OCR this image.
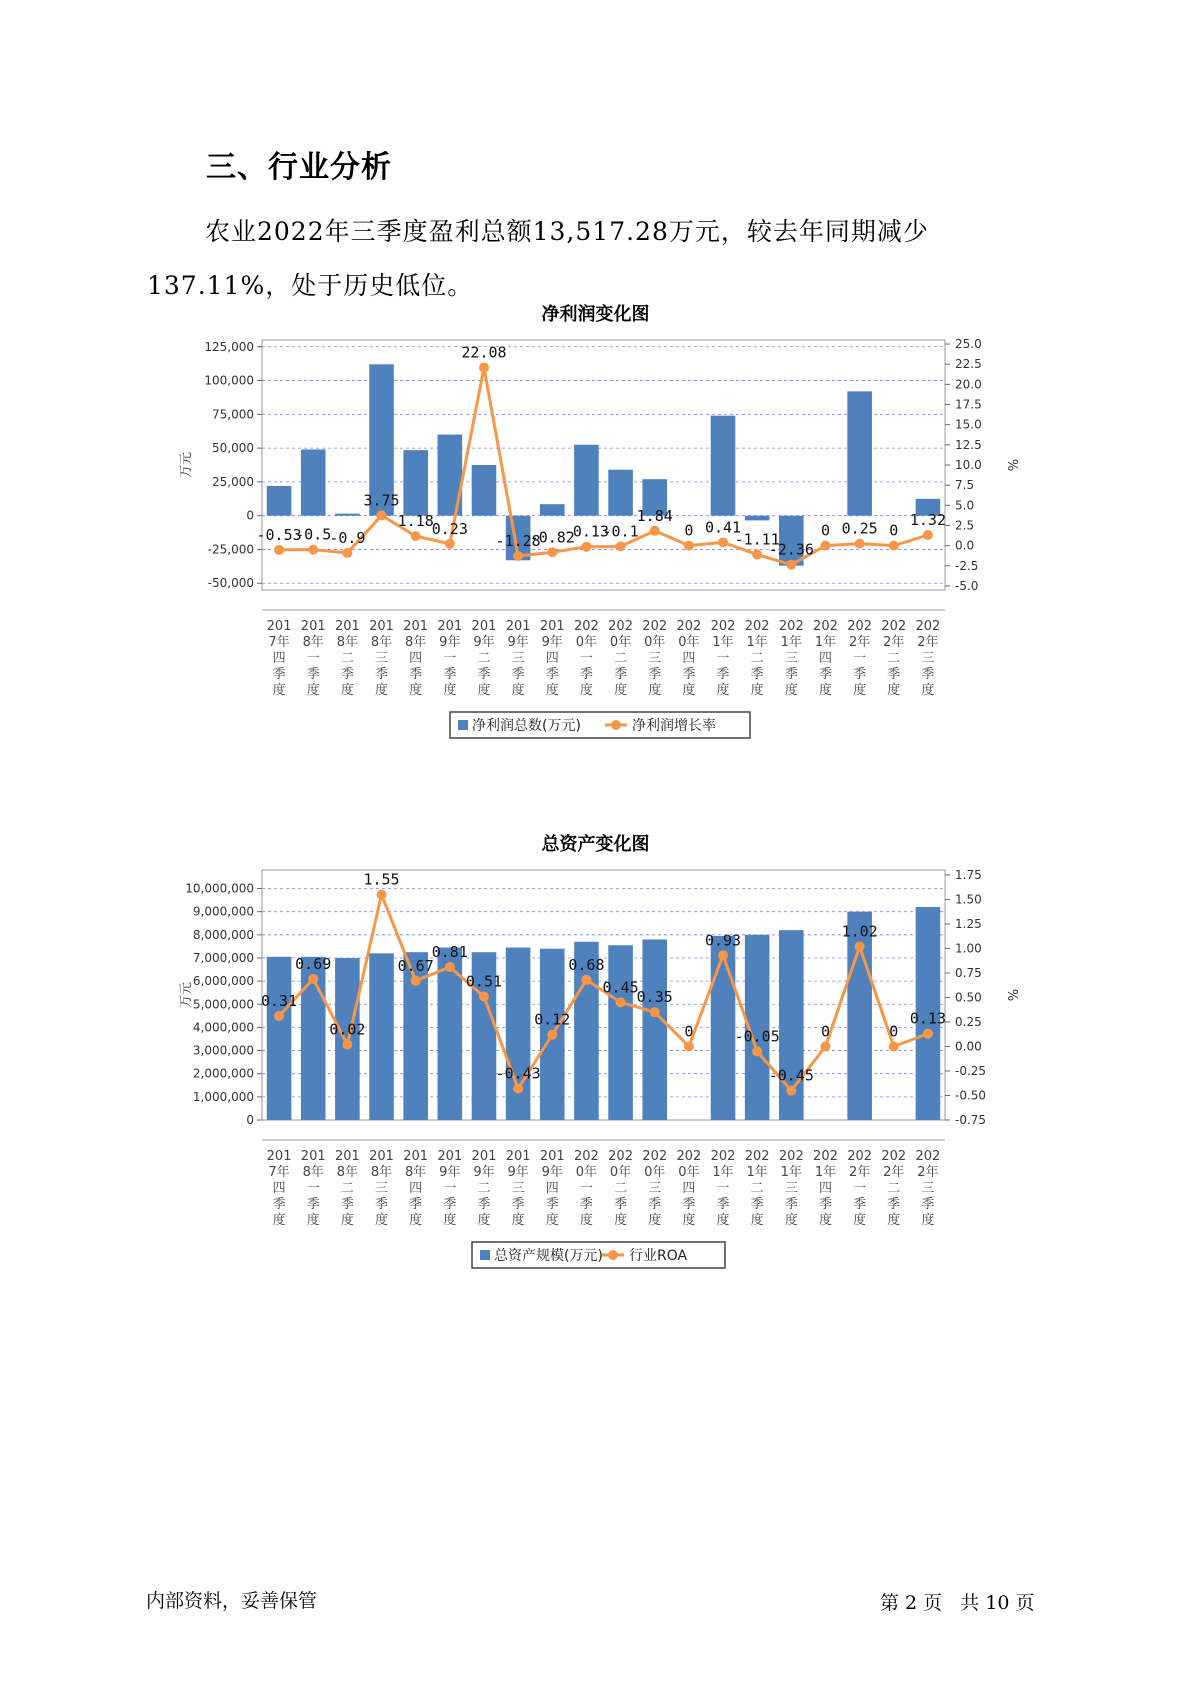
三、行业分析

农业2022年三季度盈利总额13,517.28万元，较去年同期减少137.11%，处于历史低位。

净利润变化图
125,000
100,000
75,000
50,000
25,000
0
-25,000
-50,000
25.0
22.5
20.0
17.5
15.0
12.5
10.0
7.5
5.0
2.5
0.0
-2.5
-5.0
万元	%
-0.53
-0.5
-0.9
3.75
1.18
0.23
22.08
-1.28
-0.82
-0.13
-0.1
1.84
0 0.41
-1.11
-2.36
0 0.25 0
1.32
201
7年
四
季
度
201
8年
一
季
度
201
8年
二
季
度
201
8年
三
季
度
201
8年
四
季
度
201
9年
一
季
度
201
9年
二
季
度
201
9年
三
季
度
201
9年
四
季
度
202
0年
一
季
度
202
0年
二
季
度
202
0年
三
季
度
202
0年
四
季
度
202
1年
一
季
度
202
1年
二
季
度
202
1年
三
季
度
202
1年
四
季
度
202
2年
一
季
度
202
2年
二
季
度
202
2年
三
季
度
净利润总数(万元)	净利润增长率
总资产变化图
10,000,000
9,000,000
8,000,000
7,000,000
6,000,000
5,000,000
4,000,000
3,000,000
2,000,000
1,000,000
0
1.75
1.50
1.25
1.00
0.75
0.50
0.25
0.00
-0.25
-0.50
-0.75
万元	%
0.31
0.69
0.02
1.55
0.67
0.81
0.51
-0.43
0.12
0.68
0.45
0.35
0
0.93
-0.05
-0.45
0
1.02
0
0.13
201
7年
四
季
度
201
8年
一
季
度
201
8年
二
季
度
201
8年
三
季
度
201
8年
四
季
度
201
9年
一
季
度
201
9年
二
季
度
201
9年
三
季
度
201
9年
四
季
度
202
0年
一
季
度
202
0年
二
季
度
202
0年
三
季
度
202
0年
四
季
度
202
1年
一
季
度
202
1年
二
季
度
202
1年
三
季
度
202
1年
四
季
度
202
2年
一
季
度
202
2年
二
季
度
202
2年
三
季
度
总资产规模(万元) 行业ROA
内部资料，妥善保管	第 2 页   共 10 页
